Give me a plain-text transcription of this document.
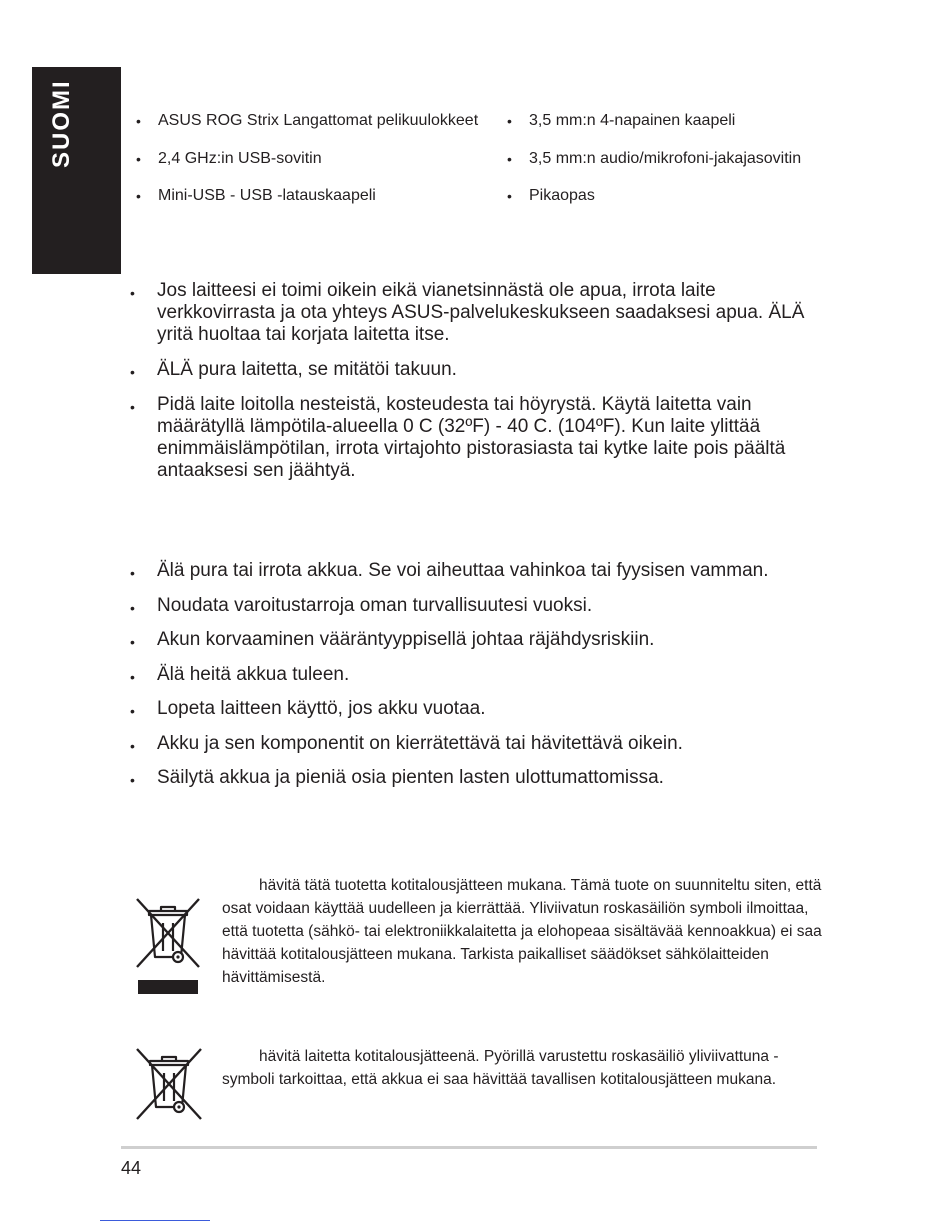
SUOMI	• ASUS ROG Strix Langattomat pelikuulokkeet
• 2,4 GHz:in USB-sovitin
• Mini-USB - USB -latauskaapeli
• 3,5 mm:n 4-napainen kaapeli
• 3,5 mm:n audio/mikrofoni-jakajasovitin
• Pikaopas
• Jos laitteesi ei toimi oikein eikä vianetsinnästä ole apua, irrota laite verkkovirrasta ja ota yhteys ASUS-palvelukeskukseen saadaksesi apua. ÄLÄ yritä huoltaa tai korjata laitetta itse.
• ÄLÄ pura laitetta, se mitätöi takuun.
• Pidä laite loitolla nesteistä, kosteudesta tai höyrystä. Käytä laitetta vain määrätyllä lämpötila-alueella 0 C (32ºF) - 40 C. (104ºF). Kun laite ylittää enimmäislämpötilan, irrota virtajohto pistorasiasta tai kytke laite pois päältä antaaksesi sen jäähtyä.
• Älä pura tai irrota akkua. Se voi aiheuttaa vahinkoa tai fyysisen vamman.
• Noudata varoitustarroja oman turvallisuutesi vuoksi.
• Akun korvaaminen vääräntyyppisellä johtaa räjähdysriskiin.
• Älä heitä akkua tuleen.
• Lopeta laitteen käyttö, jos akku vuotaa.
• Akku ja sen komponentit on kierrätettävä tai hävitettävä oikein.
• Säilytä akkua ja pieniä osia pienten lasten ulottumattomissa.
hävitä tätä tuotetta kotitalousjätteen mukana. Tämä tuote on suunniteltu siten, että osat voidaan käyttää uudelleen ja kierrättää. Yliviivatun roskasäiliön symboli ilmoittaa, että tuotetta (sähkö- tai elektroniikkalaitetta ja elohopeaa sisältävää kennoakkua) ei saa hävittää kotitalousjätteen mukana. Tarkista paikalliset säädökset sähkölaitteiden hävittämisestä.
hävitä laitetta kotitalousjätteenä. Pyörillä varustettu roskasäiliö yliviivattuna -symboli tarkoittaa, että akkua ei saa hävittää tavallisen kotitalousjätteen mukana.
44
